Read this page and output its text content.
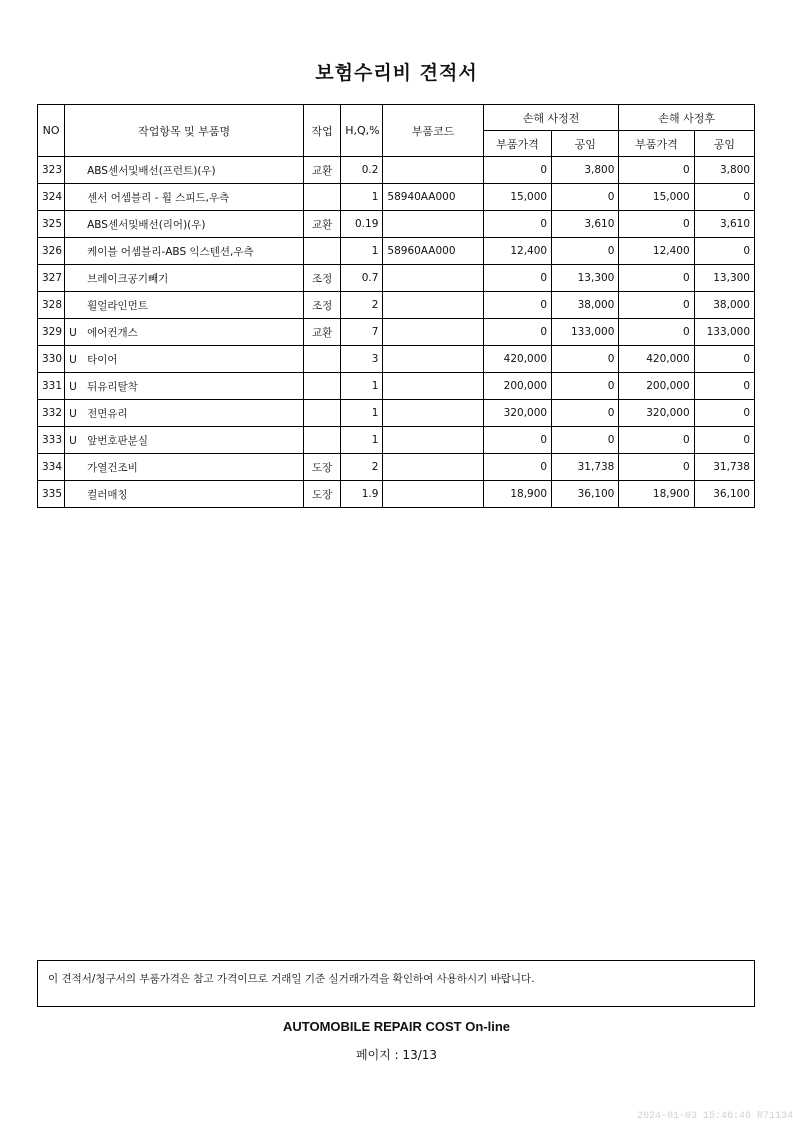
보험수리비 견적서
NO	작업항목 및 부품명	작업	H,Q,%	부품코드	손해 사정전		손해 사정후	
					부품가격	공임	부품가격	공임
323	ABS센서및배선(프런트)(우)	교환	0.2		0	3,800	0	3,800
324	센서 어셈블리 - 휠 스피드,우측		1	58940AA000	15,000	0	15,000	0
325	ABS센서및배선(리어)(우)	교환	0.19		0	3,610	0	3,610
326	케이블 어셈블리-ABS 익스텐션,우측		1	58960AA000	12,400	0	12,400	0
327	브레이크공기빼기	조정	0.7		0	13,300	0	13,300
328	휠얼라인먼트	조정	2		0	38,000	0	38,000
329	U 에어컨개스	교환	7		0	133,000	0	133,000
330	U 타이어		3		420,000	0	420,000	0
331	U 뒤유리탈착		1		200,000	0	200,000	0
332	U 전면유리		1		320,000	0	320,000	0
333	U 앞번호판분실		1		0	0	0	0
334	가열건조비	도장	2		0	31,738	0	31,738
335	컬러매칭	도장	1.9		18,900	36,100	18,900	36,100
이 견적서/청구서의 부품가격은 참고 가격이므로 거래일 기준 실거래가격을 확인하여 사용하시기 바랍니다.
AUTOMOBILE REPAIR COST On-line
페이지 : 13/13
2024-01-03 15:46:46 R71134
